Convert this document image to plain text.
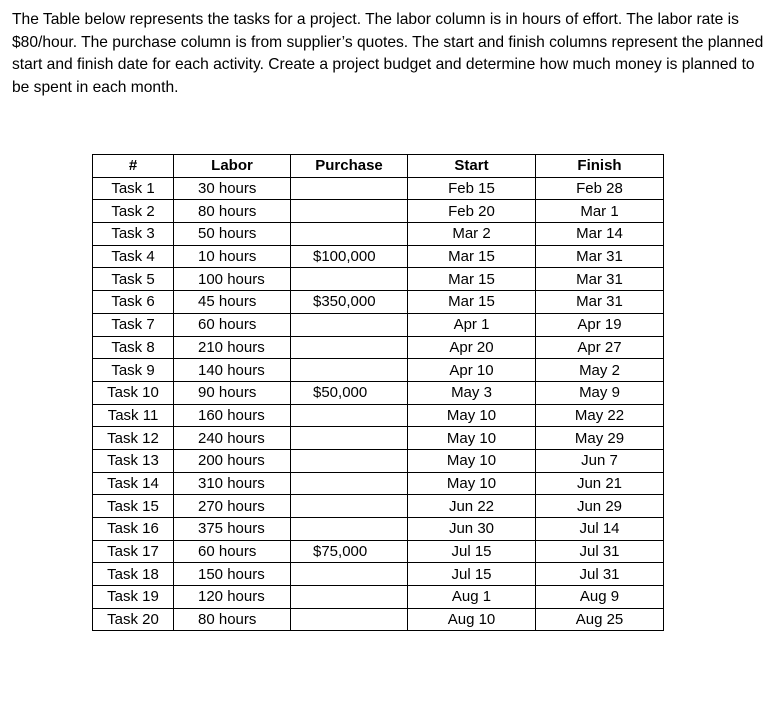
The Table below represents the tasks for a project. The labor column is in hours of effort. The labor rate is $80/hour. The purchase column is from supplier’s quotes. The start and finish columns represent the planned start and finish date for each activity. Create a project budget and determine how much money is planned to be spent in each month.

#	Labor	Purchase	Start	Finish
Task 1	30 hours		Feb 15	Feb 28
Task 2	80 hours		Feb 20	Mar 1
Task 3	50 hours		Mar 2	Mar 14
Task 4	10 hours	$100,000	Mar 15	Mar 31
Task 5	100 hours		Mar 15	Mar 31
Task 6	45 hours	$350,000	Mar 15	Mar 31
Task 7	60 hours		Apr 1	Apr 19
Task 8	210 hours		Apr 20	Apr 27
Task 9	140 hours		Apr 10	May 2
Task 10	90 hours	$50,000	May 3	May 9
Task 11	160 hours		May 10	May 22
Task 12	240 hours		May 10	May 29
Task 13	200 hours		May 10	Jun 7
Task 14	310 hours		May 10	Jun 21
Task 15	270 hours		Jun 22	Jun 29
Task 16	375 hours		Jun 30	Jul 14
Task 17	60 hours	$75,000	Jul 15	Jul 31
Task 18	150 hours		Jul 15	Jul 31
Task 19	120 hours		Aug 1	Aug 9
Task 20	80 hours		Aug 10	Aug 25
